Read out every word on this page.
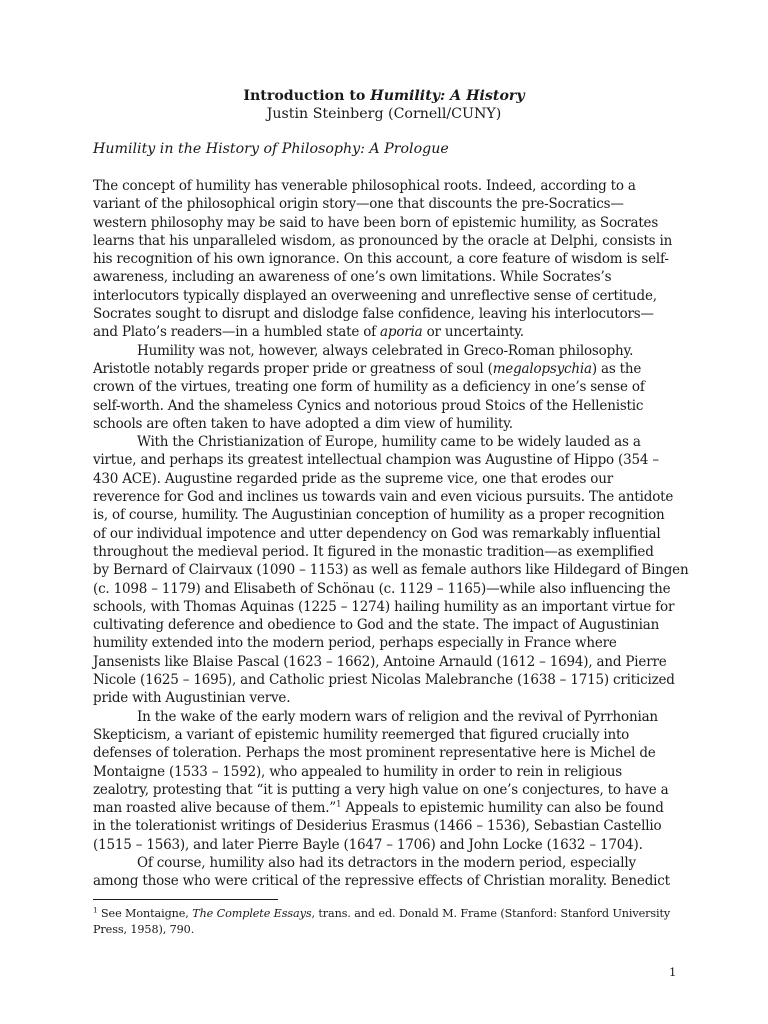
Introduction to Humility: A History
Justin Steinberg (Cornell/CUNY)
Humility in the History of Philosophy: A Prologue
The concept of humility has venerable philosophical roots. Indeed, according to a
variant of the philosophical origin story—one that discounts the pre-Socratics—
western philosophy may be said to have been born of epistemic humility, as Socrates
learns that his unparalleled wisdom, as pronounced by the oracle at Delphi, consists in
his recognition of his own ignorance. On this account, a core feature of wisdom is self-
awareness, including an awareness of one’s own limitations. While Socrates’s
interlocutors typically displayed an overweening and unreflective sense of certitude,
Socrates sought to disrupt and dislodge false confidence, leaving his interlocutors—
and Plato’s readers—in a humbled state of aporia or uncertainty.
Humility was not, however, always celebrated in Greco-Roman philosophy.
Aristotle notably regards proper pride or greatness of soul (megalopsychia) as the
crown of the virtues, treating one form of humility as a deficiency in one’s sense of
self-worth. And the shameless Cynics and notorious proud Stoics of the Hellenistic
schools are often taken to have adopted a dim view of humility.
With the Christianization of Europe, humility came to be widely lauded as a
virtue, and perhaps its greatest intellectual champion was Augustine of Hippo (354 –
430 ACE). Augustine regarded pride as the supreme vice, one that erodes our
reverence for God and inclines us towards vain and even vicious pursuits. The antidote
is, of course, humility. The Augustinian conception of humility as a proper recognition
of our individual impotence and utter dependency on God was remarkably influential
throughout the medieval period. It figured in the monastic tradition—as exemplified
by Bernard of Clairvaux (1090 – 1153) as well as female authors like Hildegard of Bingen
(c. 1098 – 1179) and Elisabeth of Schönau (c. 1129 – 1165)—while also influencing the
schools, with Thomas Aquinas (1225 – 1274) hailing humility as an important virtue for
cultivating deference and obedience to God and the state. The impact of Augustinian
humility extended into the modern period, perhaps especially in France where
Jansenists like Blaise Pascal (1623 – 1662), Antoine Arnauld (1612 – 1694), and Pierre
Nicole (1625 – 1695), and Catholic priest Nicolas Malebranche (1638 – 1715) criticized
pride with Augustinian verve.
In the wake of the early modern wars of religion and the revival of Pyrrhonian
Skepticism, a variant of epistemic humility reemerged that figured crucially into
defenses of toleration. Perhaps the most prominent representative here is Michel de
Montaigne (1533 – 1592), who appealed to humility in order to rein in religious
zealotry, protesting that “it is putting a very high value on one’s conjectures, to have a
man roasted alive because of them.”$^1$ Appeals to epistemic humility can also be found
in the tolerationist writings of Desiderius Erasmus (1466 – 1536), Sebastian Castellio
(1515 – 1563), and later Pierre Bayle (1647 – 1706) and John Locke (1632 – 1704).
Of course, humility also had its detractors in the modern period, especially
among those who were critical of the repressive effects of Christian morality. Benedict
$^1$ See Montaigne, The Complete Essays, trans. and ed. Donald M. Frame (Stanford: Stanford University
Press, 1958), 790.
1
